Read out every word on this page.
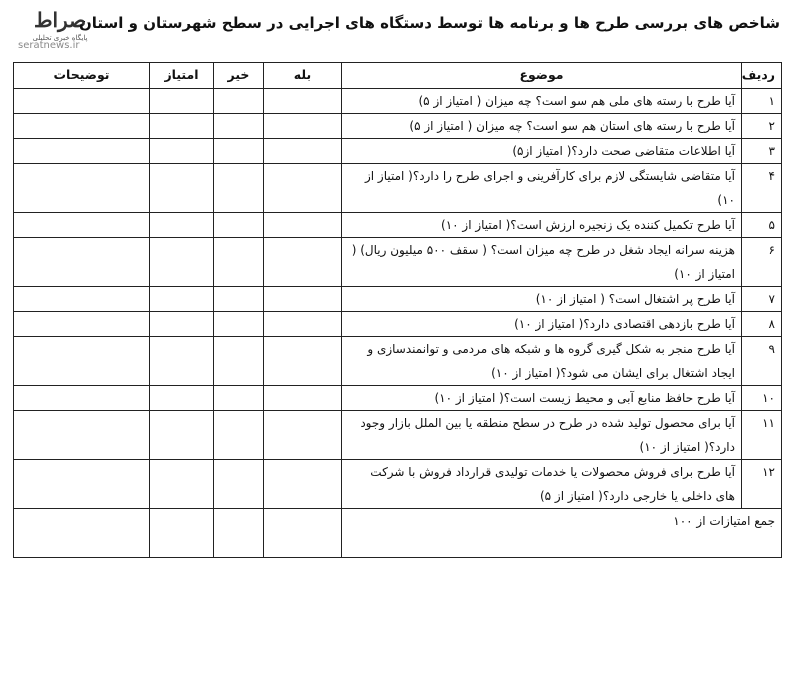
صراط
پایگاه خبری تحلیلی
seratnews.ir
شاخص های بررسی طرح ها و برنامه ها توسط دستگاه های اجرایی در سطح شهرستان و استان
ردیف	موضوع	بله	خیر	امتیاز	توضیحات
۱	آیا طرح با رسته های ملی هم سو است؟ چه میزان ( امتیاز از ۵)				
۲	آیا طرح با رسته های استان هم سو است؟ چه میزان ( امتیاز از ۵)				
۳	آیا اطلاعات متقاضی صحت دارد؟( امتیاز از۵)				
۴	آیا متقاضی شایستگی لازم برای کارآفرینی و اجرای طرح را دارد؟( امتیاز از ۱۰)				
۵	آیا طرح تکمیل کننده یک زنجیره ارزش است؟( امتیاز از ۱۰)				
۶	هزینه سرانه ایجاد شغل در طرح چه میزان است؟ ( سقف ۵۰۰ میلیون ریال) ( امتیاز از ۱۰)				
۷	آیا طرح پر اشتغال است؟ ( امتیاز از ۱۰)				
۸	آیا طرح بازدهی اقتصادی دارد؟( امتیاز از ۱۰)				
۹	آیا طرح منجر به شکل گیری گروه ها و شبکه های مردمی و توانمندسازی و ایجاد اشتغال برای ایشان می شود؟( امتیاز از ۱۰)				
۱۰	آیا طرح حافظ منابع آبی و محیط زیست است؟( امتیاز از ۱۰)				
۱۱	آیا برای محصول تولید شده در طرح در سطح منطقه یا بین الملل بازار وجود دارد؟( امتیاز از ۱۰)				
۱۲	آیا طرح برای فروش محصولات یا خدمات تولیدی قرارداد فروش با شرکت های داخلی یا خارجی دارد؟( امتیاز از ۵)				
جمع امتیازات از ۱۰۰					
